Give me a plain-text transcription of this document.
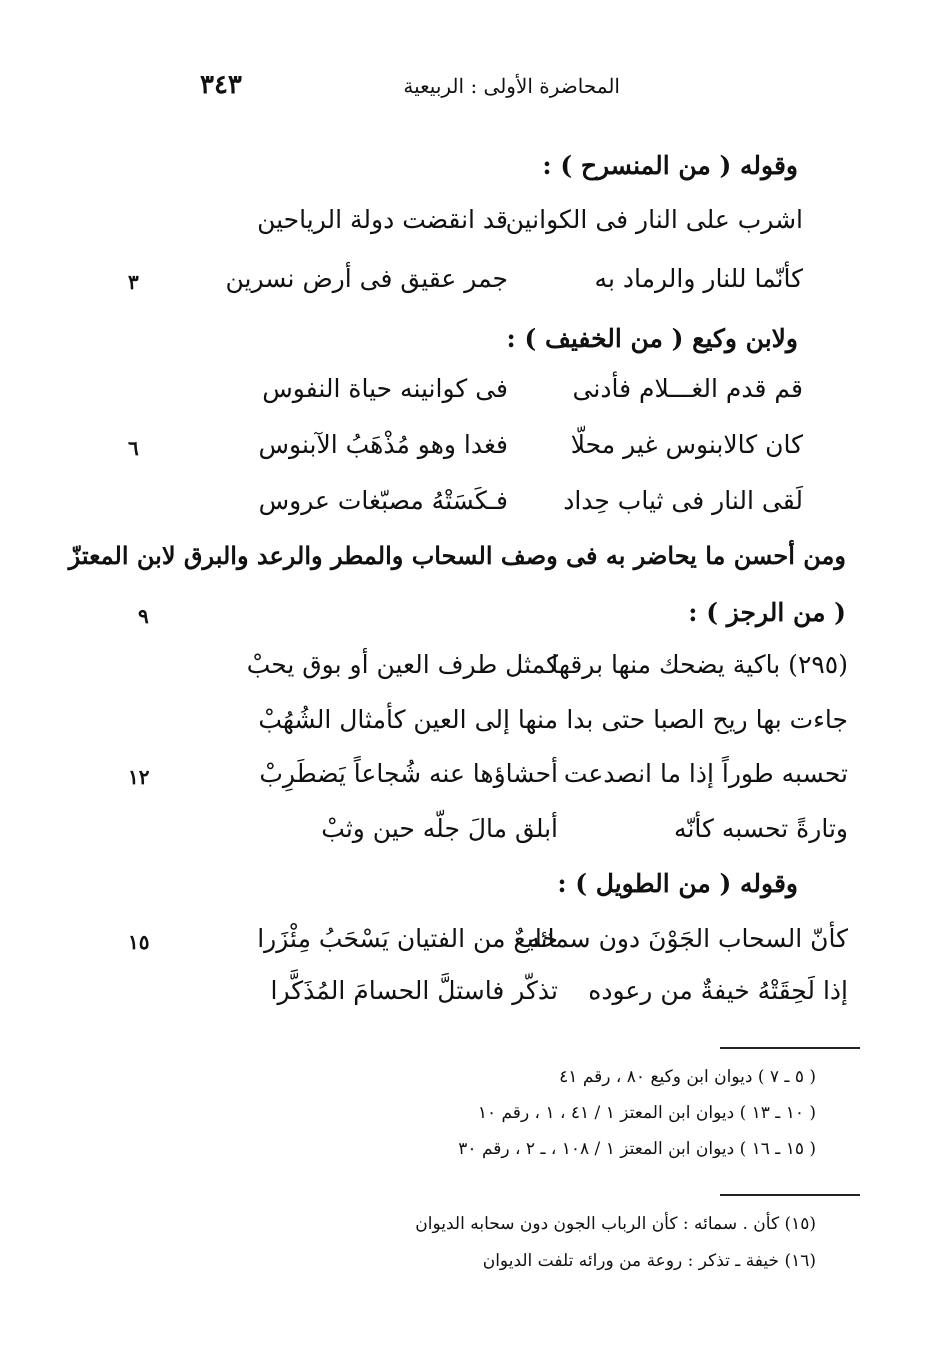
٣٤٣	المحاضرة الأولى : الربيعية
وقوله ( من المنسرح ) :
اشرب على النار فى الكوانين
قد انقضت دولة الرياحين
كأنّما للنار والرماد به
جمر عقيق فى أرض نسرين
٣
ولابن وكيع ( من الخفيف ) :
قم قدم الغـــلام فأدنى
فى كوانينه حياة النفوس
كان كالابنوس غير محلّا
فغدا وهو مُذْهَبُ الآبنوس
٦
لَقى النار فى ثياب حِداد
فـكَسَتْهُ مصبّغات عروس
ومن أحسن ما يحاضر به فى وصف السحاب والمطر والرعد والبرق لابن المعتزّ
( من الرجز ) :
٩
(٢٩٥) باكية يضحك منها برقها
كمثل طرف العين أو بوق يحبْ
جاءت بها ريح الصبا حتى بدا
منها إلى العين كأمثال الشُهُبْ
تحسبه طوراً إذا ما انصدعت
أحشاؤها عنه شُجاعاً يَضطَرِبْ
١٢
وتارةً تحسبه كأنّه
أبلق مالَ جلّه حين وثبْ
وقوله ( من الطويل ) :
كأنّ السحاب الجَوْنَ دون سمائه
خليعٌ من الفتيان يَسْحَبُ مِئْزَرا
١٥
إذا لَحِقَتْهُ خيفةٌ من رعوده
تذكّر فاستلَّ الحسامَ المُذَكَّرا
( ٥ ـ ٧ ) ديوان ابن وكيع ٨٠ ، رقم ٤١
( ١٠ ـ ١٣ ) ديوان ابن المعتز ١ / ٤١ ، ١ ، رقم ١٠
( ١٥ ـ ١٦ ) ديوان ابن المعتز ١ / ١٠٨ ، ـ ٢ ، رقم ٣٠
(١٥) كأن . سمائه : كأن الرباب الجون دون سحابه الديوان
(١٦) خيفة ـ تذكر : روعة من ورائه تلفت الديوان
